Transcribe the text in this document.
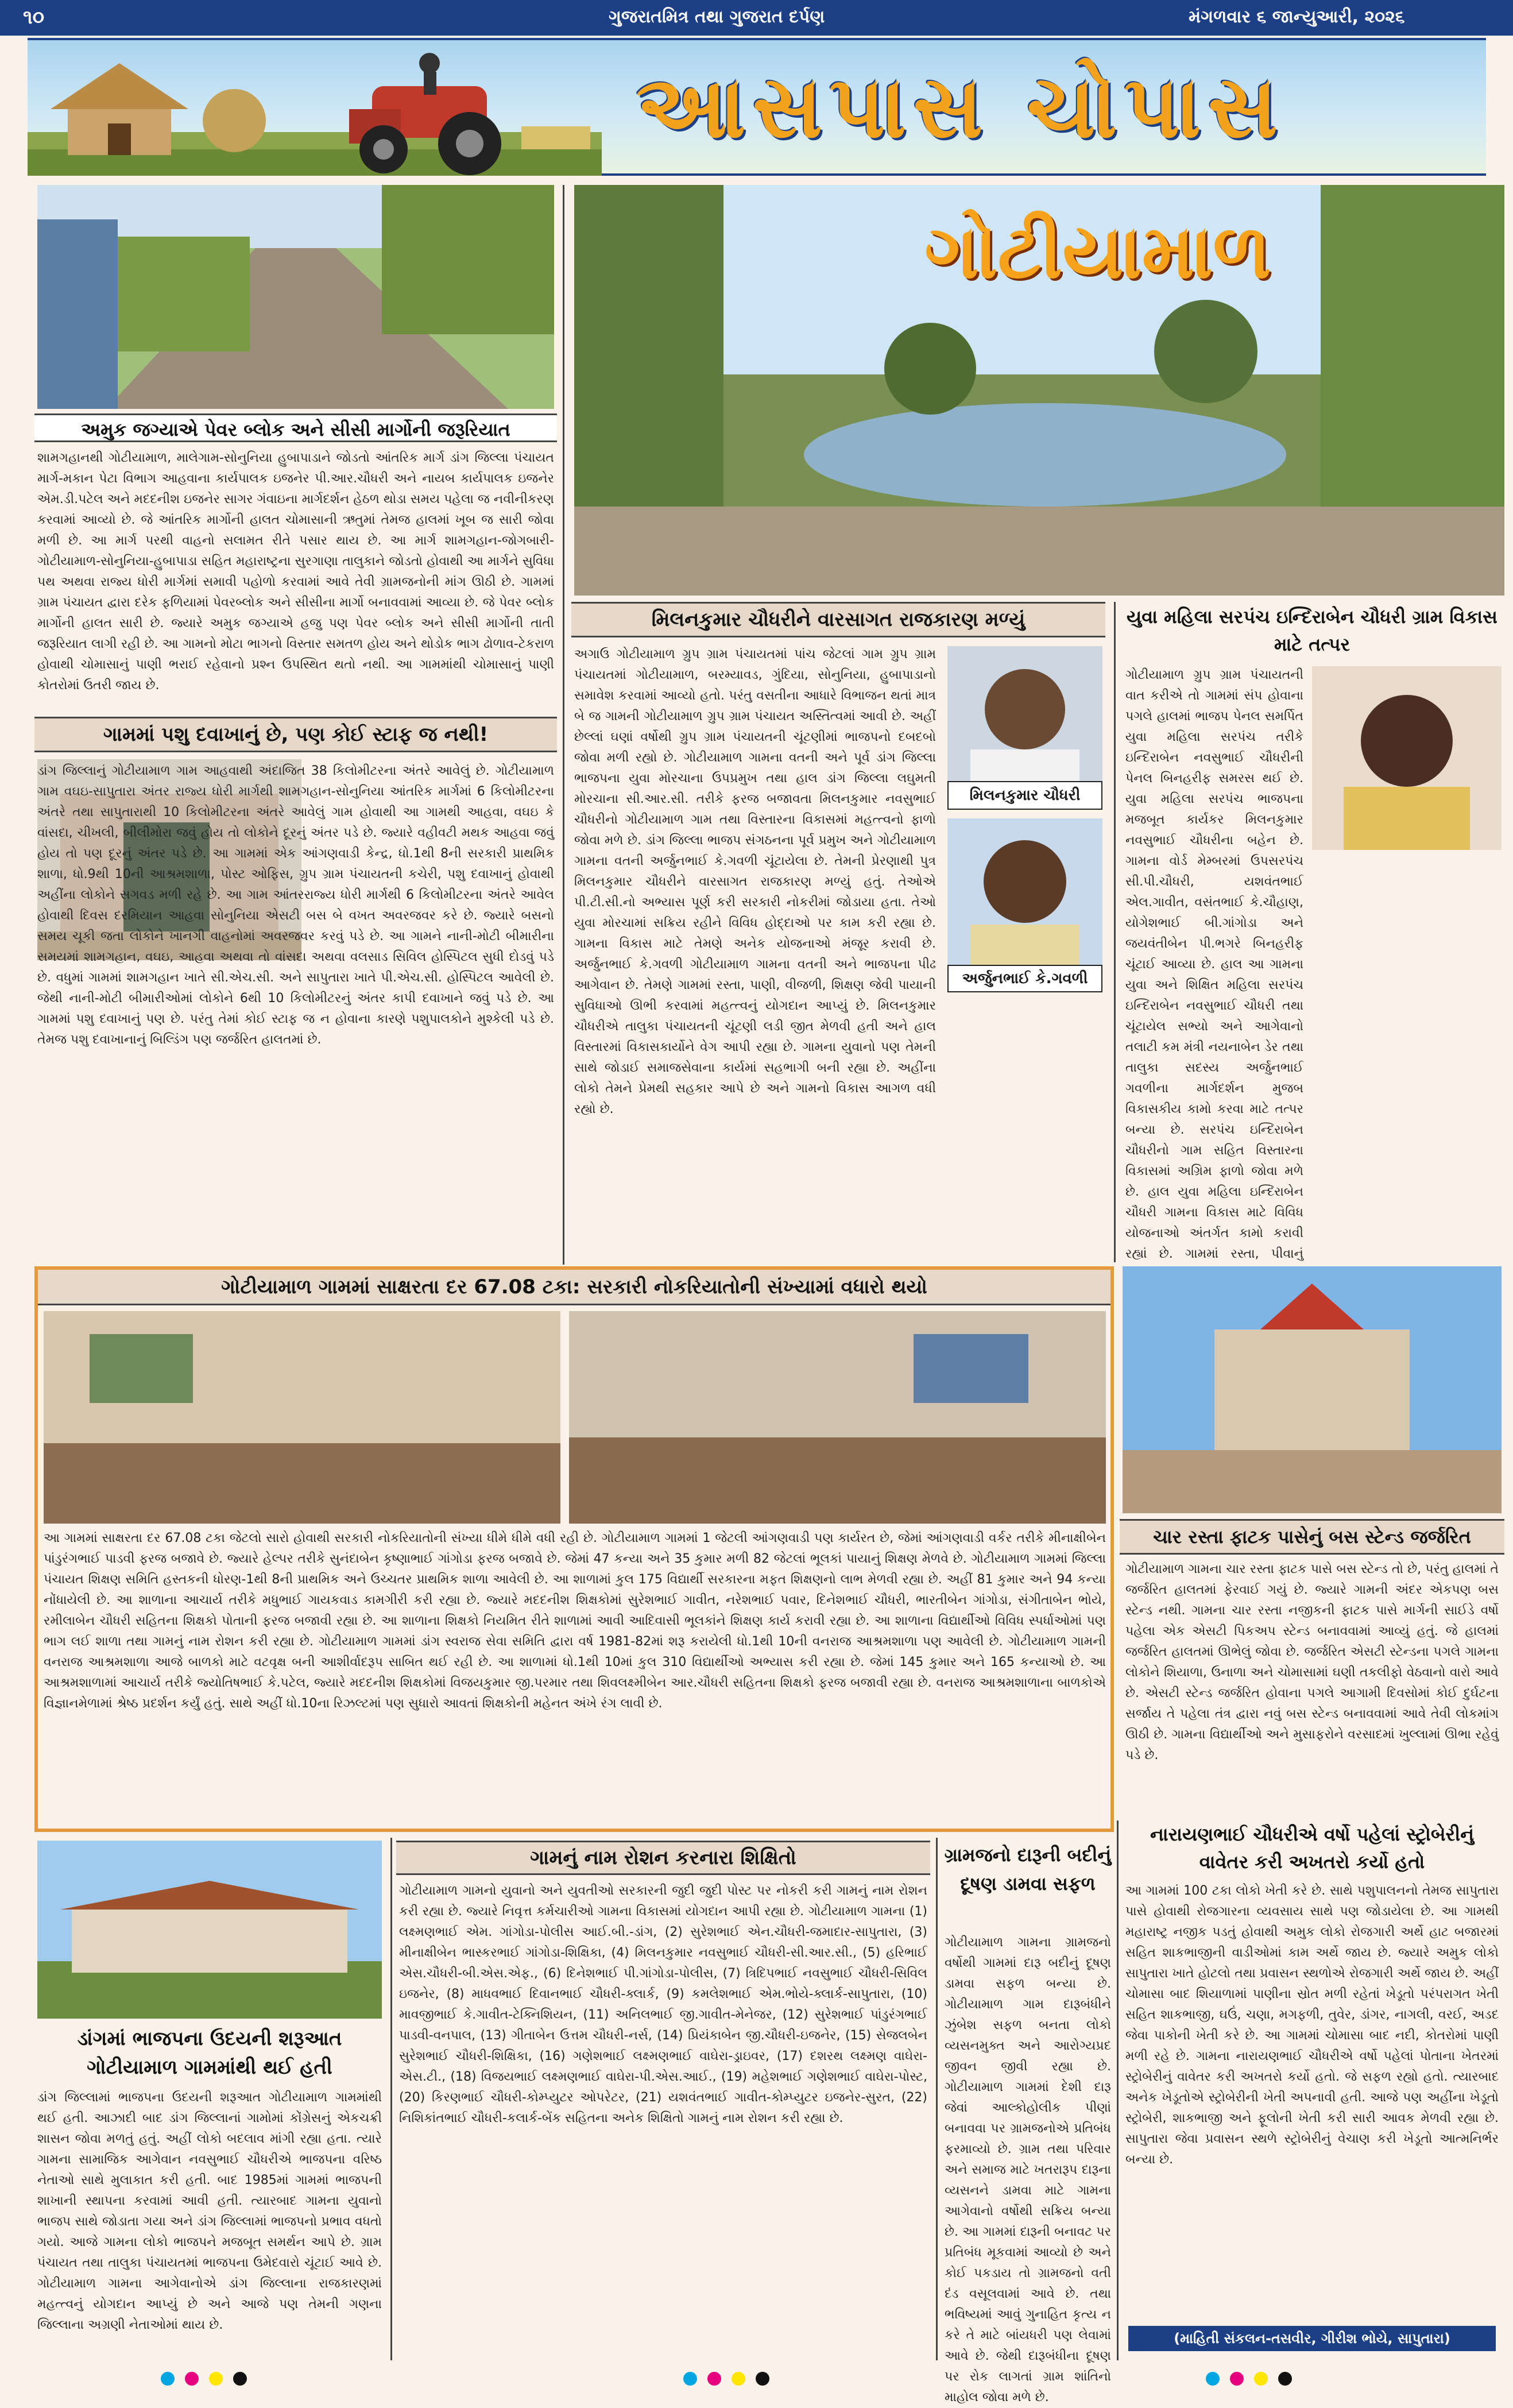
૧૦	ગુજરાતમિત્ર તથા ગુજરાત દર્પણ	મંગળવાર ૬ જાન્યુઆરી, ૨૦૨૬
આસપાસ ચોપાસ
અમુક જગ્યાએ પેવર બ્લોક અને સીસી માર્ગોની જરૂરિયાત
શામગહાનથી ગોટીયામાળ, માલેગામ-સોનુનિયા હુબાપાડાને જોડતો આંતરિક માર્ગ ડાંગ જિલ્લા પંચાયત માર્ગ-મકાન પેટા વિભાગ આહવાના કાર્યપાલક ઇજનેર પી.આર.ચૌધરી અને નાયબ કાર્યપાલક ઇજનેર એમ.ડી.પટેલ અને મદદનીશ ઇજનેર સાગર ગંવાઇના માર્ગદર્શન હેઠળ થોડા સમય પહેલા જ નવીનીકરણ કરવામાં આવ્યો છે. જે આંતરિક માર્ગોની હાલત ચોમાસાની ઋતુમાં તેમજ હાલમાં ખૂબ જ સારી જોવા મળી છે. આ માર્ગ પરથી વાહનો સલામત રીતે પસાર થાય છે. આ માર્ગ શામગહાન-જોગબારી-ગોટીયામાળ-સોનુનિયા-હુબાપાડા સહિત મહારાષ્ટ્રના સુરગાણા તાલુકાને જોડતો હોવાથી આ માર્ગને સુવિધા પથ અથવા રાજ્ય ધોરી માર્ગમાં સમાવી પહોળો કરવામાં આવે તેવી ગ્રામજનોની માંગ ઊઠી છે. ગામમાં ગ્રામ પંચાયત દ્વારા દરેક ફળિયામાં પેવરબ્લોક અને સીસીના માર્ગો બનાવવામાં આવ્યા છે. જે પેવર બ્લોક માર્ગોની હાલત સારી છે. જ્યારે અમુક જગ્યાએ હજુ પણ પેવર બ્લોક અને સીસી માર્ગોની તાતી જરૂરિયાત લાગી રહી છે. આ ગામનો મોટા ભાગનો વિસ્તાર સમતળ હોય અને થોડોક ભાગ ઢોળાવ-ટેકરાળ હોવાથી ચોમાસાનું પાણી ભરાઈ રહેવાનો પ્રશ્ન ઉપસ્થિત થતો નથી. આ ગામમાંથી ચોમાસાનું પાણી કોતરોમાં ઉતરી જાય છે.
ગામમાં પશુ દવાખાનું છે, પણ કોઈ સ્ટાફ જ નથી!
ડાંગ જિલ્લાનું ગોટીયામાળ ગામ આહવાથી અંદાજિત 38 કિલોમીટરના અંતરે આવેલું છે. ગોટીયામાળ ગામ વઘઇ-સાપુતારા અંતર રાજ્ય ધોરી માર્ગથી શામગહાન-સોનુનિયા આંતરિક માર્ગમાં 6 કિલોમીટરના અંતરે તથા સાપુતારાથી 10 કિલોમીટરના અંતરે આવેલું ગામ હોવાથી આ ગામથી આહવા, વઘઇ કે વાંસદા, ચીખલી, બીલીમોરા જવું હોય તો લોકોને દૂરનું અંતર પડે છે. જ્યારે વહીવટી મથક આહવા જવું હોય તો પણ દૂરનું અંતર પડે છે. આ ગામમાં એક આંગણવાડી કેન્દ્ર, ધો.1થી 8ની સરકારી પ્રાથમિક શાળા, ધો.9થી 10ની આશ્રમશાળા, પોસ્ટ ઓફિસ, ગ્રુપ ગ્રામ પંચાયતની કચેરી, પશુ દવાખાનું હોવાથી અહીંના લોકોને સગવડ મળી રહે છે. આ ગામ આંતરરાજ્ય ધોરી માર્ગથી 6 કિલોમીટરના અંતરે આવેલ હોવાથી દિવસ દરમિયાન આહવા સોનુનિયા એસટી બસ બે વખત અવરજવર કરે છે. જ્યારે બસનો સમય ચૂકી જતા લોકોને ખાનગી વાહનોમાં અવરજવર કરવું પડે છે. આ ગામને નાની-મોટી બીમારીના સમયમાં શામગહાન, વઘઇ, આહવા અથવા તો વાંસદા અથવા વલસાડ સિવિલ હોસ્પિટલ સુધી દોડવું પડે છે. વધુમાં ગામમાં શામગહાન ખાતે સી.એચ.સી. અને સાપુતારા ખાતે પી.એચ.સી. હોસ્પિટલ આવેલી છે. જેથી નાની-મોટી બીમારીઓમાં લોકોને 6થી 10 કિલોમીટરનું અંતર કાપી દવાખાને જવું પડે છે. આ ગામમાં પશુ દવાખાનું પણ છે. પરંતુ તેમાં કોઈ સ્ટાફ જ ન હોવાના કારણે પશુપાલકોને મુશ્કેલી પડે છે. તેમજ પશુ દવાખાનાનું બિલ્ડિંગ પણ જર્જરિત હાલતમાં છે.
ગોટીયામાળ
મિલનકુમાર ચૌધરીને વારસાગત રાજકારણ મળ્યું
મિલનકુમાર ચૌધરી
અર્જુનભાઈ કે.ગવળી
અગાઉ ગોટીયામાળ ગ્રુપ ગ્રામ પંચાયતમાં પાંચ જેટલાં ગામ ગ્રુપ ગ્રામ પંચાયતમાં ગોટીયામાળ, બરમ્યાવડ, ગુંદિયા, સોનુનિયા, હુબાપાડાનો સમાવેશ કરવામાં આવ્યો હતો. પરંતુ વસતીના આધારે વિભાજન થતાં માત્ર બે જ ગામની ગોટીયામાળ ગ્રુપ ગ્રામ પંચાયત અસ્તિત્વમાં આવી છે. અહીં છેલ્લાં ઘણાં વર્ષોથી ગ્રુપ ગ્રામ પંચાયતની ચૂંટણીમાં ભાજપનો દબદબો જોવા મળી રહ્યો છે. ગોટીયામાળ ગામના વતની અને પૂર્વ ડાંગ જિલ્લા ભાજપના યુવા મોરચાના ઉપપ્રમુખ તથા હાલ ડાંગ જિલ્લા લઘુમતી મોરચાના સી.આર.સી. તરીકે ફરજ બજાવતા મિલનકુમાર નવસુભાઈ ચૌધરીનો ગોટીયામાળ ગામ તથા વિસ્તારના વિકાસમાં મહત્ત્વનો ફાળો જોવા મળે છે. ડાંગ જિલ્લા ભાજપ સંગઠનના પૂર્વ પ્રમુખ અને ગોટીયામાળ ગામના વતની અર્જુનભાઈ કે.ગવળી ચૂંટાયેલા છે. તેમની પ્રેરણાથી પુત્ર મિલનકુમાર ચૌધરીને વારસાગત રાજકારણ મળ્યું હતું. તેઓએ પી.ટી.સી.નો અભ્યાસ પૂર્ણ કરી સરકારી નોકરીમાં જોડાયા હતા. તેઓ યુવા મોરચામાં સક્રિય રહીને વિવિધ હોદ્દાઓ પર કામ કરી રહ્યા છે. ગામના વિકાસ માટે તેમણે અનેક યોજનાઓ મંજૂર કરાવી છે. અર્જુનભાઈ કે.ગવળી ગોટીયામાળ ગામના વતની અને ભાજપના પીઢ આગેવાન છે. તેમણે ગામમાં રસ્તા, પાણી, વીજળી, શિક્ષણ જેવી પાયાની સુવિધાઓ ઊભી કરવામાં મહત્ત્વનું યોગદાન આપ્યું છે. મિલનકુમાર ચૌધરીએ તાલુકા પંચાયતની ચૂંટણી લડી જીત મેળવી હતી અને હાલ વિસ્તારમાં વિકાસકાર્યોને વેગ આપી રહ્યા છે. ગામના યુવાનો પણ તેમની સાથે જોડાઈ સમાજસેવાના કાર્યમાં સહભાગી બની રહ્યા છે. અહીંના લોકો તેમને પ્રેમથી સહકાર આપે છે અને ગામનો વિકાસ આગળ વધી રહ્યો છે.
યુવા મહિલા સરપંચ ઇન્દિરાબેન ચૌધરી ગ્રામ વિકાસ માટે તત્પર
ગોટીયામાળ ગ્રુપ ગ્રામ પંચાયતની વાત કરીએ તો ગામમાં સંપ હોવાના પગલે હાલમાં ભાજપ પેનલ સમર્પિત યુવા મહિલા સરપંચ તરીકે ઇન્દિરાબેન નવસુભાઈ ચૌધરીની પેનલ બિનહરીફ સમરસ થઈ છે. યુવા મહિલા સરપંચ ભાજપના મજબૂત કાર્યકર મિલનકુમાર નવસુભાઈ ચૌધરીના બહેન છે. ગામના વોર્ડ મેમ્બરમાં ઉપસરપંચ સી.પી.ચૌધરી, યશવંતભાઈ એલ.ગાવીત, વસંતભાઈ કે.ચૌહાણ, યોગેશભાઈ બી.ગાંગોડા અને જયવંતીબેન પી.ભગરે બિનહરીફ ચૂંટાઈ આવ્યા છે. હાલ આ ગામના યુવા અને શિક્ષિત મહિલા સરપંચ ઇન્દિરાબેન નવસુભાઈ ચૌધરી તથા ચૂંટાયેલ સભ્યો અને આગેવાનો તલાટી કમ મંત્રી નયનાબેન ડેર તથા તાલુકા સદસ્ય અર્જુનભાઈ ગવળીના માર્ગદર્શન મુજબ વિકાસકીય કામો કરવા માટે તત્પર બન્યા છે. સરપંચ ઇન્દિરાબેન ચૌધરીનો ગામ સહિત વિસ્તારના વિકાસમાં અગ્રિમ ફાળો જોવા મળે છે. હાલ યુવા મહિલા ઇન્દિરાબેન ચૌધરી ગામના વિકાસ માટે વિવિધ યોજનાઓ અંતર્ગત કામો કરાવી રહ્યાં છે. ગામમાં રસ્તા, પીવાનું
ગોટીયામાળ ગામમાં સાક્ષરતા દર 67.08 ટકા: સરકારી નોકરિયાતોની સંખ્યામાં વધારો થયો
આ ગામમાં સાક્ષરતા દર 67.08 ટકા જેટલો સારો હોવાથી સરકારી નોકરિયાતોની સંખ્યા ધીમે ધીમે વધી રહી છે. ગોટીયામાળ ગામમાં 1 જેટલી આંગણવાડી પણ કાર્યરત છે, જેમાં આંગણવાડી વર્કર તરીકે મીનાક્ષીબેન પાંડુરંગભાઈ પાડવી ફરજ બજાવે છે. જ્યારે હેલ્પર તરીકે સુનંદાબેન કૃષ્ણાભાઈ ગાંગોડા ફરજ બજાવે છે. જેમાં 47 કન્યા અને 35 કુમાર મળી 82 જેટલાં ભૂલકાં પાયાનું શિક્ષણ મેળવે છે. ગોટીયામાળ ગામમાં જિલ્લા પંચાયત શિક્ષણ સમિતિ હસ્તકની ધોરણ-1થી 8ની પ્રાથમિક અને ઉચ્ચતર પ્રાથમિક શાળા આવેલી છે. આ શાળામાં કુલ 175 વિદ્યાર્થી સરકારના મફત શિક્ષણનો લાભ મેળવી રહ્યા છે. અહીં 81 કુમાર અને 94 કન્યા નોંધાયેલી છે. આ શાળાના આચાર્ય તરીકે મધુભાઈ ગાયકવાડ કામગીરી કરી રહ્યા છે. જ્યારે મદદનીશ શિક્ષકોમાં સુરેશભાઈ ગાવીત, નરેશભાઈ પવાર, દિનેશભાઈ ચૌધરી, ભારતીબેન ગાંગોડા, સંગીતાબેન ભોયે, રમીલાબેન ચૌધરી સહિતના શિક્ષકો પોતાની ફરજ બજાવી રહ્યા છે. આ શાળાના શિક્ષકો નિયમિત રીતે શાળામાં આવી આદિવાસી ભૂલકાંને શિક્ષણ કાર્ય કરાવી રહ્યા છે. આ શાળાના વિદ્યાર્થીઓ વિવિધ સ્પર્ધાઓમાં પણ ભાગ લઈ શાળા તથા ગામનું નામ રોશન કરી રહ્યા છે. ગોટીયામાળ ગામમાં ડાંગ સ્વરાજ સેવા સમિતિ દ્વારા વર્ષ 1981-82માં શરૂ કરાયેલી ધો.1થી 10ની વનરાજ આશ્રમશાળા પણ આવેલી છે. ગોટીયામાળ ગામની વનરાજ આશ્રમશાળા આજે બાળકો માટે વટવૃક્ષ બની આશીર્વાદરૂપ સાબિત થઈ રહી છે. આ શાળામાં ધો.1થી 10માં કુલ 310 વિદ્યાર્થીઓ અભ્યાસ કરી રહ્યા છે. જેમાં 145 કુમાર અને 165 કન્યાઓ છે. આ આશ્રમશાળામાં આચાર્ય તરીકે જ્યોતિષભાઈ કે.પટેલ, જ્યારે મદદનીશ શિક્ષકોમાં વિજયકુમાર જી.પરમાર તથા શિવલક્ષ્મીબેન આર.ચૌધરી સહિતના શિક્ષકો ફરજ બજાવી રહ્યા છે. વનરાજ આશ્રમશાળાના બાળકોએ વિજ્ઞાનમેળામાં શ્રેષ્ઠ પ્રદર્શન કર્યું હતું. સાથે અહીં ધો.10ના રિઝલ્ટમાં પણ સુધારો આવતાં શિક્ષકોની મહેનત અંખે રંગ લાવી છે.
ચાર રસ્તા ફાટક પાસેનું બસ સ્ટેન્ડ જર્જરિત
ગોટીયામાળ ગામના ચાર રસ્તા ફાટક પાસે બસ સ્ટેન્ડ તો છે, પરંતુ હાલમાં તે જર્જરિત હાલતમાં ફેરવાઈ ગયું છે. જ્યારે ગામની અંદર એકપણ બસ સ્ટેન્ડ નથી. ગામના ચાર રસ્તા નજીકની ફાટક પાસે માર્ગની સાઈડે વર્ષો પહેલા એક એસટી પિકઅપ સ્ટેન્ડ બનાવવામાં આવ્યું હતું. જે હાલમાં જર્જરિત હાલતમાં ઊભેલું જોવા છે. જર્જરિત એસટી સ્ટેન્ડના પગલે ગામના લોકોને શિયાળા, ઉનાળા અને ચોમાસામાં ઘણી તકલીફો વેઠવાનો વારો આવે છે. એસટી સ્ટેન્ડ જર્જરિત હોવાના પગલે આગામી દિવસોમાં કોઈ દુર્ઘટના સર્જાય તે પહેલા તંત્ર દ્વારા નવું બસ સ્ટેન્ડ બનાવવામાં આવે તેવી લોકમાંગ ઊઠી છે. ગામના વિદ્યાર્થીઓ અને મુસાફરોને વરસાદમાં ખુલ્લામાં ઊભા રહેવું પડે છે.
ડાંગમાં ભાજપના ઉદયની શરૂઆત ગોટીયામાળ ગામમાંથી થઈ હતી
ડાંગ જિલ્લામાં ભાજપના ઉદયની શરૂઆત ગોટીયામાળ ગામમાંથી થઈ હતી. આઝાદી બાદ ડાંગ જિલ્લાનાં ગામોમાં કોંગ્રેસનું એકચક્રી શાસન જોવા મળતું હતું. અહીં લોકો બદલાવ માંગી રહ્યા હતા. ત્યારે ગામના સામાજિક આગેવાન નવસુભાઈ ચૌધરીએ ભાજપના વરિષ્ઠ નેતાઓ સાથે મુલાકાત કરી હતી. બાદ 1985માં ગામમાં ભાજપની શાખાની સ્થાપના કરવામાં આવી હતી. ત્યારબાદ ગામના યુવાનો ભાજપ સાથે જોડાતા ગયા અને ડાંગ જિલ્લામાં ભાજપનો પ્રભાવ વધતો ગયો. આજે ગામના લોકો ભાજપને મજબૂત સમર્થન આપે છે. ગ્રામ પંચાયત તથા તાલુકા પંચાયતમાં ભાજપના ઉમેદવારો ચૂંટાઈ આવે છે. ગોટીયામાળ ગામના આગેવાનોએ ડાંગ જિલ્લાના રાજકારણમાં મહત્ત્વનું યોગદાન આપ્યું છે અને આજે પણ તેમની ગણના જિલ્લાના અગ્રણી નેતાઓમાં થાય છે.
ગામનું નામ રોશન કરનારા શિક્ષિતો
ગોટીયામાળ ગામનો યુવાનો અને યુવતીઓ સરકારની જુદી જુદી પોસ્ટ પર નોકરી કરી ગામનું નામ રોશન કરી રહ્યા છે. જ્યારે નિવૃત્ત કર્મચારીઓ ગામના વિકાસમાં યોગદાન આપી રહ્યા છે. ગોટીયામાળ ગામના (1) લક્ષ્મણભાઈ એમ. ગાંગોડા-પોલીસ આઈ.બી.-ડાંગ, (2) સુરેશભાઈ એન.ચૌધરી-જમાદાર-સાપુતારા, (3) મીનાક્ષીબેન ભાસ્કરભાઈ ગાંગોડા-શિક્ષિકા, (4) મિલનકુમાર નવસુભાઈ ચૌધરી-સી.આર.સી., (5) હરિભાઈ એસ.ચૌધરી-બી.એસ.એફ., (6) દિનેશભાઈ પી.ગાંગોડા-પોલીસ, (7) ત્રિદિપભાઈ નવસુભાઈ ચૌધરી-સિવિલ ઇજનેર, (8) માધવભાઈ દિવાનભાઈ ચૌધરી-ક્લાર્ક, (9) કમલેશભાઈ એમ.ભોયે-ક્લાર્ક-સાપુતારા, (10) માવજીભાઈ કે.ગાવીત-ટેક્નિશિયન, (11) અનિલભાઈ જી.ગાવીત-મેનેજર, (12) સુરેશભાઈ પાંડુરંગભાઈ પાડવી-વનપાલ, (13) ગીતાબેન ઉત્તમ ચૌધરી-નર્સ, (14) પ્રિયંકાબેન જી.ચૌધરી-ઇજનેર, (15) સેજલબેન સુરેશભાઈ ચૌધરી-શિક્ષિકા, (16) ગણેશભાઈ લક્ષ્મણભાઈ વાઘેરા-ડ્રાઇવર, (17) દશરથ લક્ષ્મણ વાઘેરા-એસ.ટી., (18) વિજયભાઈ લક્ષ્મણભાઈ વાઘેરા-પી.એસ.આઈ., (19) મહેશભાઈ ગણેશભાઈ વાઘેરા-પોસ્ટ, (20) કિરણભાઈ ચૌધરી-કોમ્પ્યુટર ઓપરેટર, (21) યશવંતભાઈ ગાવીત-કોમ્પ્યુટર ઇજનેર-સુરત, (22) નિશિકાંતભાઈ ચૌધરી-કલાર્ક-બેંક સહિતના અનેક શિક્ષિતો ગામનું નામ રોશન કરી રહ્યા છે.
ગ્રામજનો દારૂની બદીનું દૂષણ ડામવા સફળ
ગોટીયામાળ ગામના ગ્રામજનો વર્ષોથી ગામમાં દારૂ બદીનું દૂષણ ડામવા સફળ બન્યા છે. ગોટીયામાળ ગામ દારૂબંધીને ઝુંબેશ સફળ બનતા લોકો વ્યસનમુક્ત અને આરોગ્યપ્રદ જીવન જીવી રહ્યા છે. ગોટીયામાળ ગામમાં દેશી દારૂ જેવાં આલ્કોહોલીક પીણાં બનાવવા પર ગ્રામજનોએ પ્રતિબંધ ફરમાવ્યો છે. ગ્રામ તથા પરિવાર અને સમાજ માટે ખતરારૂપ દારૂના વ્યસનને ડામવા માટે ગામના આગેવાનો વર્ષોથી સક્રિય બન્યા છે. આ ગામમાં દારૂની બનાવટ પર પ્રતિબંધ મૂકવામાં આવ્યો છે અને કોઈ પકડાય તો ગ્રામજનો વતી દંડ વસૂલવામાં આવે છે. તથા ભવિષ્યમાં આવું ગુનાહિત કૃત્ય ન કરે તે માટે બાંયધરી પણ લેવામાં આવે છે. જેથી દારૂબંધીના દૂષણ પર રોક લાગતાં ગ્રામ શાંતિનો માહોલ જોવા મળે છે.
નારાયણભાઈ ચૌધરીએ વર્ષો પહેલાં સ્ટ્રોબેરીનું વાવેતર કરી અખતરો કર્યો હતો
આ ગામમાં 100 ટકા લોકો ખેતી કરે છે. સાથે પશુપાલનનો તેમજ સાપુતારા પાસે હોવાથી રોજગારના વ્યવસાય સાથે પણ જોડાયેલા છે. આ ગામથી મહારાષ્ટ્ર નજીક પડતું હોવાથી અમુક લોકો રોજગારી અર્થે હાટ બજારમાં સહિત શાકભાજીની વાડીઓમાં કામ અર્થે જાય છે. જ્યારે અમુક લોકો સાપુતારા ખાતે હોટલો તથા પ્રવાસન સ્થળોએ રોજગારી અર્થે જાય છે. અહીં ચોમાસા બાદ શિયાળામાં પાણીના સ્રોત મળી રહેતાં ખેડૂતો પરંપરાગત ખેતી સહિત શાકભાજી, ઘઉં, ચણા, મગફળી, તુવેર, ડાંગર, નાગલી, વરઈ, અડદ જેવા પાકોની ખેતી કરે છે. આ ગામમાં ચોમાસા બાદ નદી, કોતરોમાં પાણી મળી રહે છે. ગામના નારાયણભાઈ ચૌધરીએ વર્ષો પહેલાં પોતાના ખેતરમાં સ્ટ્રોબેરીનું વાવેતર કરી અખતરો કર્યો હતો. જે સફળ રહ્યો હતો. ત્યારબાદ અનેક ખેડૂતોએ સ્ટ્રોબેરીની ખેતી અપનાવી હતી. આજે પણ અહીંના ખેડૂતો સ્ટ્રોબેરી, શાકભાજી અને ફૂલોની ખેતી કરી સારી આવક મેળવી રહ્યા છે. સાપુતારા જેવા પ્રવાસન સ્થળે સ્ટ્રોબેરીનું વેચાણ કરી ખેડૂતો આત્મનિર્ભર બન્યા છે.
(માહિતી સંકલન-તસવીર, ગીરીશ ભોયે, સાપુતારા)
